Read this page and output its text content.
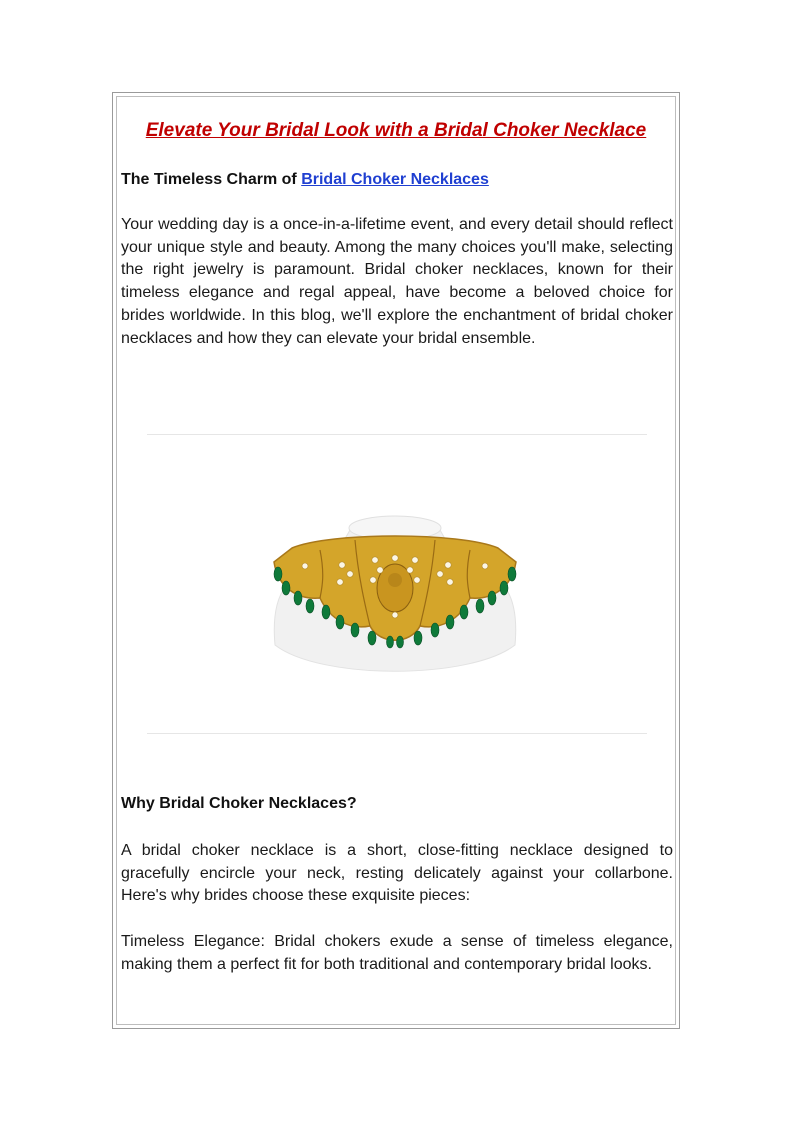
Elevate Your Bridal Look with a Bridal Choker Necklace
The Timeless Charm of Bridal Choker Necklaces

Your wedding day is a once-in-a-lifetime event, and every detail should reflect your unique style and beauty. Among the many choices you'll make, selecting the right jewelry is paramount. Bridal choker necklaces, known for their timeless elegance and regal appeal, have become a beloved choice for brides worldwide. In this blog, we'll explore the enchantment of bridal choker necklaces and how they can elevate your bridal ensemble.

Why Bridal Choker Necklaces?

A bridal choker necklace is a short, close-fitting necklace designed to gracefully encircle your neck, resting delicately against your collarbone. Here's why brides choose these exquisite pieces:

Timeless Elegance: Bridal chokers exude a sense of timeless elegance, making them a perfect fit for both traditional and contemporary bridal looks.
